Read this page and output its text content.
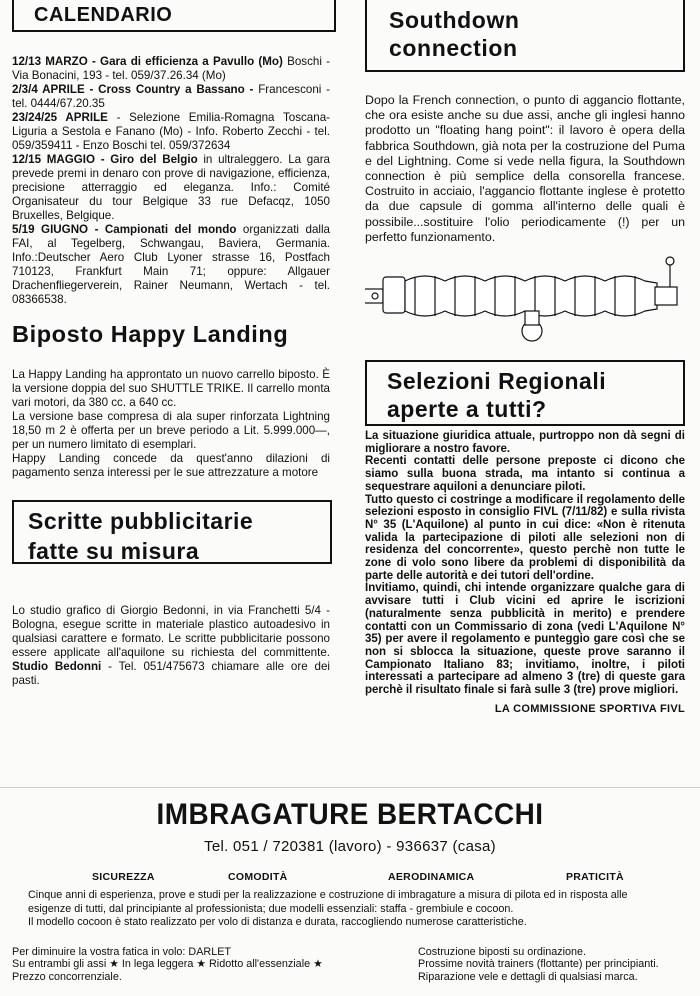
CALENDARIO

12/13 MARZO - Gara di efficienza a Pavullo (Mo) Boschi - Via Bonacini, 193 - tel. 059/37.26.34 (Mo)

2/3/4 APRILE - Cross Country a Bassano - Francesconi - tel. 0444/67.20.35

23/24/25 APRILE - Selezione Emilia-Romagna Toscana-Liguria a Sestola e Fanano (Mo) - Info. Roberto Zecchi - tel. 059/359411 - Enzo Boschi tel. 059/372634

12/15 MAGGIO - Giro del Belgio in ultraleggero. La gara prevede premi in denaro con prove di navigazione, efficienza, precisione atterraggio ed eleganza. Info.: Comité Organisateur du tour Belgique 33 rue Defacqz, 1050 Bruxelles, Belgique.

5/19 GIUGNO - Campionati del mondo organizzati dalla FAI, al Tegelberg, Schwangau, Baviera, Germania. Info.:Deutscher Aero Club Lyoner strasse 16, Postfach 710123, Frankfurt Main 71; oppure: Allgauer Drachenfliegerverein, Rainer Neumann, Wertach - tel. 08366538.

Biposto Happy Landing

La Happy Landing ha approntato un nuovo carrello biposto. È la versione doppia del suo SHUTTLE TRIKE. Il carrello monta vari motori, da 380 cc. a 640 cc.

La versione base compresa di ala super rinforzata Lightning 18,50 m 2 è offerta per un breve periodo a Lit. 5.999.000—, per un numero limitato di esemplari.

Happy Landing concede da quest'anno dilazioni di pagamento senza interessi per le sue attrezzature a motore

Scritte pubblicitarie
fatte su misura

Lo studio grafico di Giorgio Bedonni, in via Franchetti 5/4 - Bologna, esegue scritte in materiale plastico autoadesivo in qualsiasi carattere e formato. Le scritte pubblicitarie possono essere applicate all'aquilone su richiesta del committente. Studio Bedonni - Tel. 051/475673 chiamare alle ore dei pasti.

Southdown
connection

Dopo la French connection, o punto di aggancio flottante, che ora esiste anche su due assi, anche gli inglesi hanno prodotto un "floating hang point": il lavoro è opera della fabbrica Southdown, già nota per la costruzione del Puma e del Lightning. Come si vede nella figura, la Southdown connection è più semplice della consorella francese. Costruito in acciaio, l'aggancio flottante inglese è protetto da due capsule di gomma all'interno delle quali è possibile...sostituire l'olio periodicamente (!) per un perfetto funzionamento.

Selezioni Regionali
aperte a tutti?

La situazione giuridica attuale, purtroppo non dà segni di migliorare a nostro favore.

Recenti contatti delle persone preposte ci dicono che siamo sulla buona strada, ma intanto si continua a sequestrare aquiloni a denunciare piloti.

Tutto questo ci costringe a modificare il regolamento delle selezioni esposto in consiglio FIVL (7/11/82) e sulla rivista N° 35 (L'Aquilone) al punto in cui dice: «Non è ritenuta valida la partecipazione di piloti alle selezioni non di residenza del concorrente», questo perchè non tutte le zone di volo sono libere da problemi di disponibilità da parte delle autorità e dei tutori dell'ordine.

Invitiamo, quindi, chi intende organizzare qualche gara di avvisare tutti i Club vicini ed aprire le iscrizioni (naturalmente senza pubblicità in merito) e prendere contatti con un Commissario di zona (vedi L'Aquilone N° 35) per avere il regolamento e punteggio gare così che se non si sblocca la situazione, queste prove saranno il Campionato Italiano 83; invitiamo, inoltre, i piloti interessati a partecipare ad almeno 3 (tre) di queste gara perchè il risultato finale si farà sulle 3 (tre) prove migliori.

LA COMMISSIONE SPORTIVA FIVL
IMBRAGATURE BERTACCHI
Tel. 051 / 720381 (lavoro) - 936637 (casa)
SICUREZZA	COMODITÀ	AERODINAMICA	PRATICITÀ
Cinque anni di esperienza, prove e studi per la realizzazione e costruzione di imbragature a misura di pilota ed in risposta alle esigenze di tutti, dal principiante al professionista; due modelli essenziali: staffa - grembiule e cocoon.
Il modello cocoon è stato realizzato per volo di distanza e durata, raccogliendo numerose caratteristiche.
Per diminuire la vostra fatica in volo: DARLET
Su entrambi gli assi ★ In lega leggera ★ Ridotto all'essenziale ★ Prezzo concorrenziale.
Costruzione biposti su ordinazione.
Prossime novità trainers (flottante) per principianti.
Riparazione vele e dettagli di qualsiasi marca.
